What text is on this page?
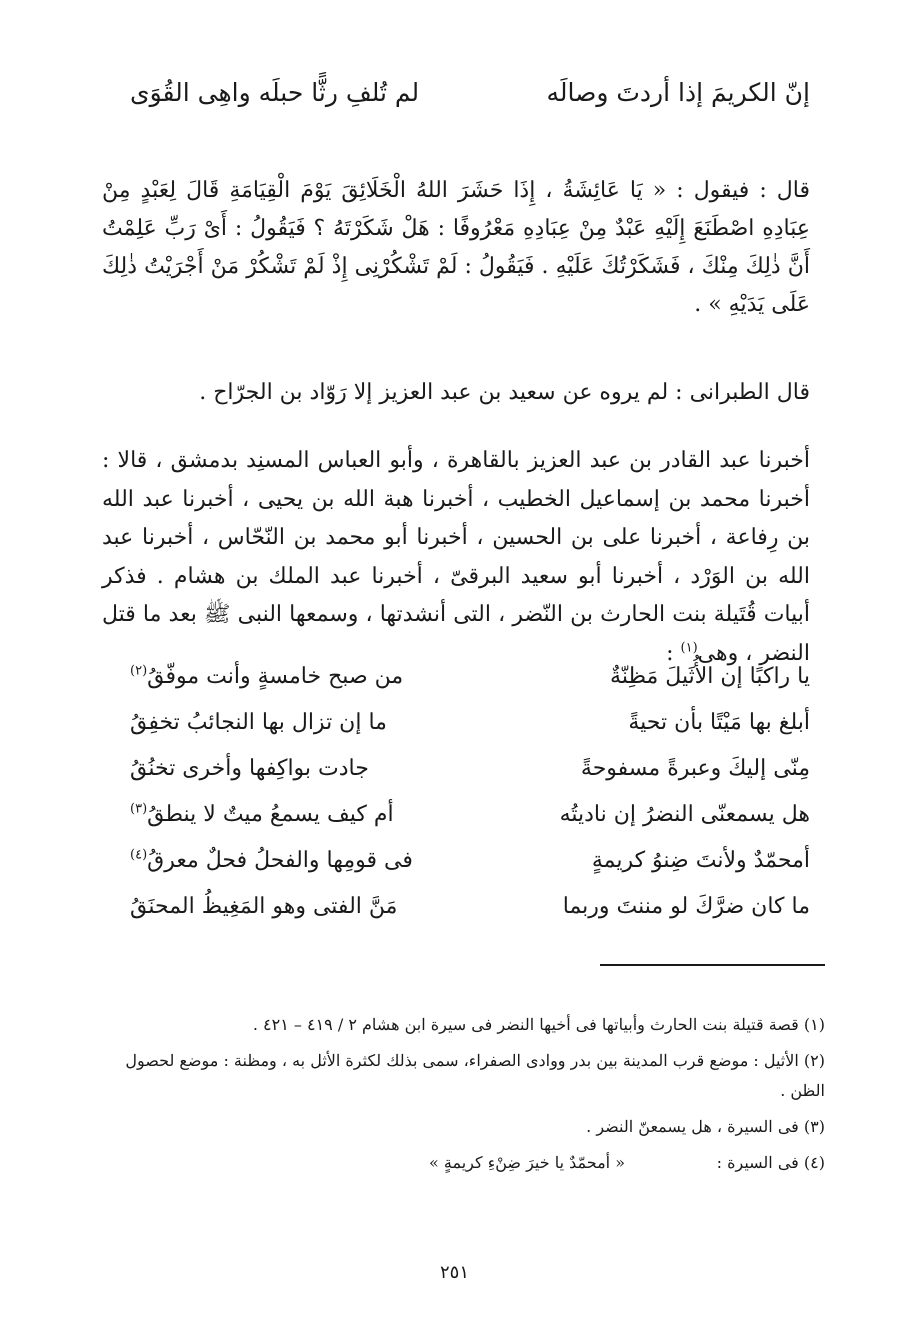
إنّ الكريمَ إذا أردتَ وصالَه
لم تُلفِ رثًّا حبلَه واهِى القُوَى

قال : فيقول : « يَا عَائِشَةُ ، إِذَا حَشَرَ اللهُ الْخَلَائِقَ يَوْمَ الْقِيَامَةِ قَالَ لِعَبْدٍ مِنْ عِبَادِهِ اصْطَنَعَ إِلَيْهِ عَبْدٌ مِنْ عِبَادِهِ مَعْرُوفًا : هَلْ شَكَرْتَهُ ؟ فَيَقُولُ : أَىْ رَبِّ عَلِمْتُ أَنَّ ذٰلِكَ مِنْكَ ، فَشَكَرْتُكَ عَلَيْهِ . فَيَقُولُ : لَمْ تَشْكُرْنِى إِذْ لَمْ تَشْكُرْ مَنْ أَجْرَيْتُ ذٰلِكَ عَلَى يَدَيْهِ » .

قال الطبرانى : لم يروه عن سعيد بن عبد العزيز إلا رَوّاد بن الجرّاح .

أخبرنا عبد القادر بن عبد العزيز بالقاهرة ، وأبو العباس المسنِد بدمشق ، قالا : أخبرنا محمد بن إسماعيل الخطيب ، أخبرنا هبة الله بن يحيى ، أخبرنا عبد الله بن رِفاعة ، أخبرنا على بن الحسين ، أخبرنا أبو محمد بن النّحّاس ، أخبرنا عبد الله بن الوَرْد ، أخبرنا أبو سعيد البرقىّ ، أخبرنا عبد الملك بن هشام . فذكر أبيات قُتَيلة بنت الحارث بن النّضر ، التى أنشدتها ، وسمعها النبى ﷺ بعد ما قتل النضر ، وهى$^{(١)}$ :

يا راكبًا إن الأُثَيلَ مَظِنّةٌ
من صبح خامسةٍ وأنت موفّقُ$^{(٢)}$
أبلغ بها مَيْتًا بأن تحيةً
ما إن تزال بها النجائبُ تخفِقُ
مِنّى إليكَ وعبرةً مسفوحةً
جادت بواكِفها وأخرى تخنُقُ
هل يسمعنّى النضرُ إن ناديتُه
أم كيف يسمعُ ميتٌ لا ينطقُ$^{(٣)}$
أمحمّدٌ ولأنتَ ضِنوُ كريمةٍ
فى قومِها والفحلُ فحلٌ معرقُ$^{(٤)}$
ما كان ضرَّكَ لو مننتَ وربما
مَنَّ الفتى وهو المَغِيظُ المحنَقُ

(١) قصة قتيلة بنت الحارث وأبياتها فى أخيها النضر فى سيرة ابن هشام ٢ / ٤١٩ – ٤٢١ .

(٢) الأثيل : موضع قرب المدينة بين بدر ووادى الصفراء، سمى بذلك لكثرة الأثل به ، ومظنة : موضع لحصول الظن .

(٣) فى السيرة ، هل يسمعنّ النضر .

(٤) فى السيرة :
« أمحمّدٌ يا خيرَ ضِنْءِ كريمةٍ »
٢٥١
